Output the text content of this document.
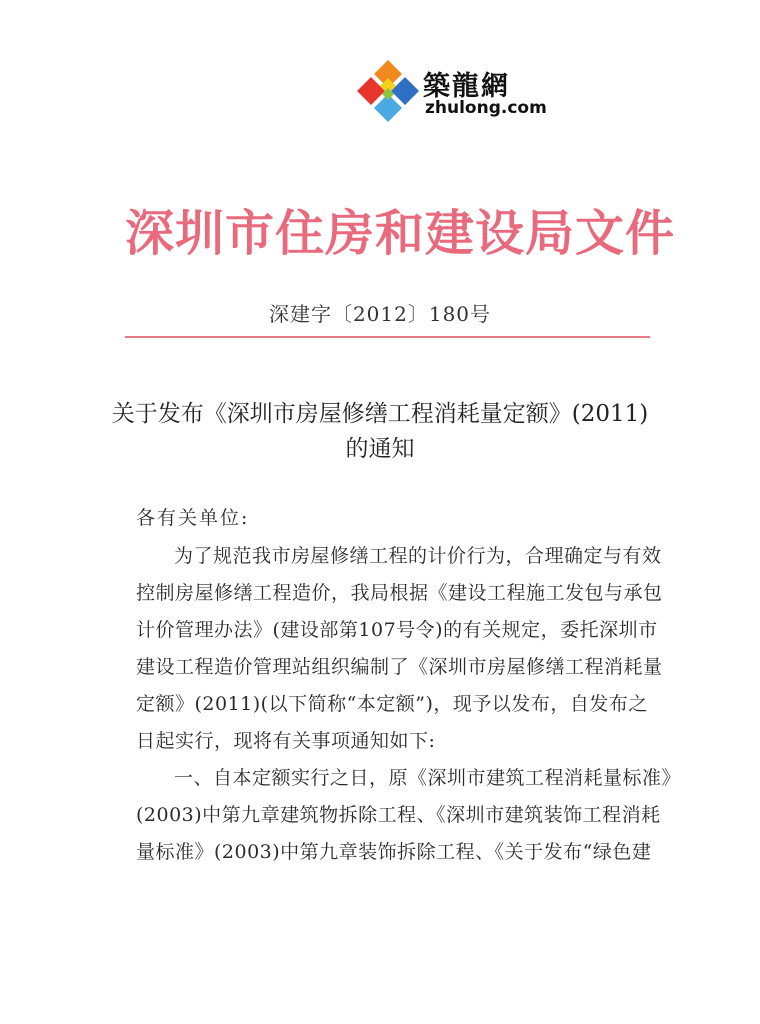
築龍網
zhulong.com
深圳市住房和建设局文件
深建字〔2012〕180号
关于发布《深圳市房屋修缮工程消耗量定额》(2011)
的通知
各有关单位:
为了规范我市房屋修缮工程的计价行为，合理确定与有效
控制房屋修缮工程造价，我局根据《建设工程施工发包与承包
计价管理办法》(建设部第107号令)的有关规定，委托深圳市
建设工程造价管理站组织编制了《深圳市房屋修缮工程消耗量
定额》(2011)(以下简称“本定额”)，现予以发布，自发布之
日起实行，现将有关事项通知如下:
一、自本定额实行之日，原《深圳市建筑工程消耗量标准》
(2003)中第九章建筑物拆除工程、《深圳市建筑装饰工程消耗
量标准》(2003)中第九章装饰拆除工程、《关于发布“绿色建
